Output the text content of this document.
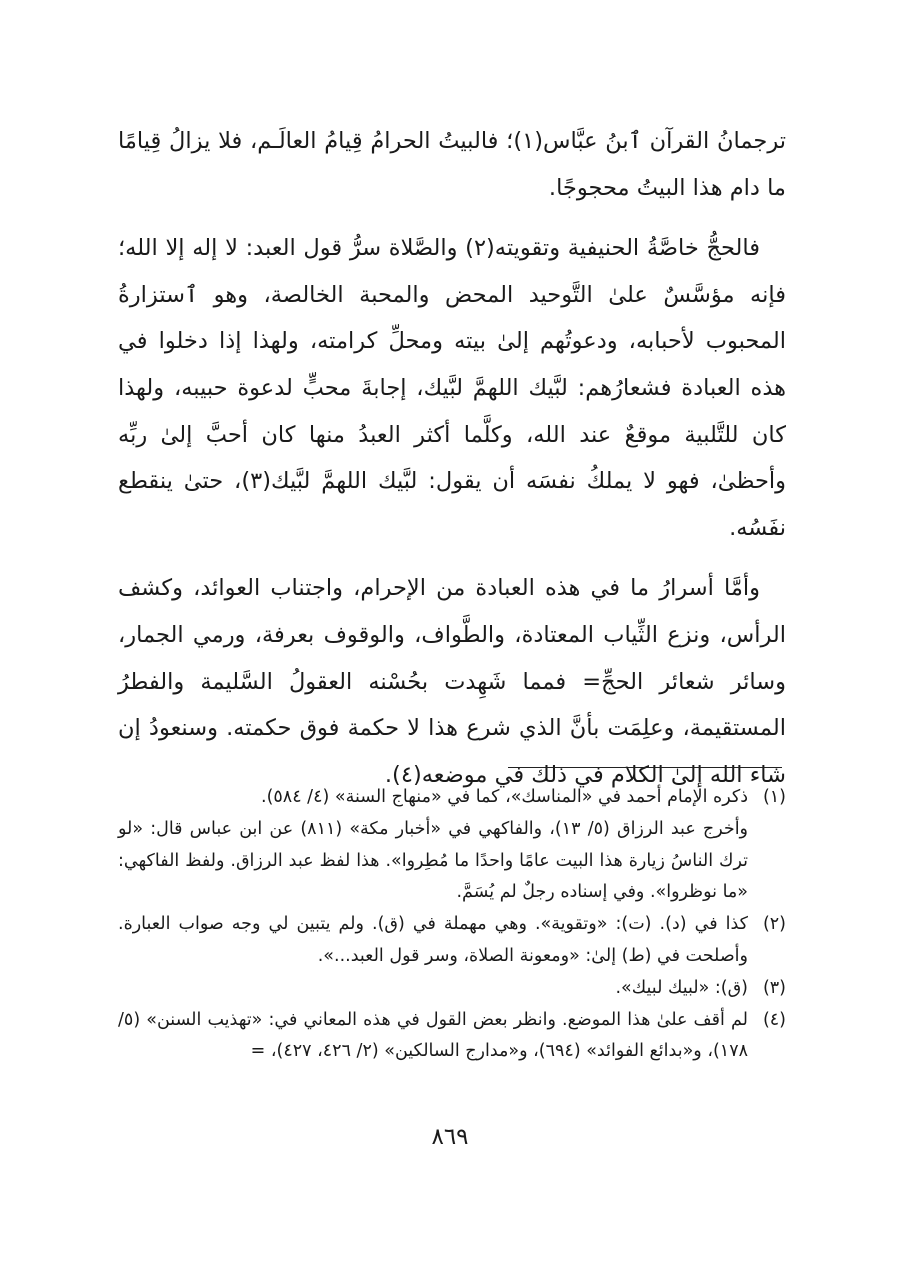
ترجمانُ القرآن ٱبنُ عبَّاس(١)؛ فالبيتُ الحرامُ قِيامُ العالَـم، فلا يزالُ قِيامًا ما دام هذا البيتُ محجوجًا.

فالحجُّ خاصَّةُ الحنيفية وتقويته(٢) والصَّلاة سرُّ قول العبد: لا إله إلا الله؛ فإنه مؤسَّسٌ علىٰ التَّوحيد المحض والمحبة الخالصة، وهو ٱستزارةُ المحبوب لأحبابه، ودعوتُهم إلىٰ بيته ومحلِّ كرامته، ولهذا إذا دخلوا في هذه العبادة فشعارُهم: لبَّيك اللهمَّ لبَّيك، إجابةَ محبٍّ لدعوة حبيبه، ولهذا كان للتَّلبية موقعٌ عند الله، وكلَّما أكثر العبدُ منها كان أحبَّ إلىٰ ربِّه وأحظىٰ، فهو لا يملكُ نفسَه أن يقول: لبَّيك اللهمَّ لبَّيك(٣)، حتىٰ ينقطع نفَسُه.

وأمَّا أسرارُ ما في هذه العبادة من الإحرام، واجتناب العوائد، وكشف الرأس، ونزع الثِّياب المعتادة، والطَّواف، والوقوف بعرفة، ورمي الجمار، وسائر شعائر الحجِّ= فمما شَهِدت بحُسْنه العقولُ السَّليمة والفطرُ المستقيمة، وعلِمَت بأنَّ الذي شرع هذا لا حكمة فوق حكمته. وسنعودُ إن شاء الله إلىٰ الكلام في ذلك في موضعه(٤).

(١)
ذكره الإمام أحمد في «المناسك»، كما في «منهاج السنة» (٤/ ٥٨٤).

وأخرج عبد الرزاق (٥/ ١٣)، والفاكهي في «أخبار مكة» (٨١١) عن ابن عباس قال: «لو ترك الناسُ زيارة هذا البيت عامًا واحدًا ما مُطِروا». هذا لفظ عبد الرزاق. ولفظ الفاكهي: «ما نوظروا». وفي إسناده رجلٌ لم يُسَمَّ.

(٢)
كذا في (د). (ت): «وتقوية». وهي مهملة في (ق). ولم يتبين لي وجه صواب العبارة. وأصلحت في (ط) إلىٰ: «ومعونة الصلاة، وسر قول العبد...».
(٣)
(ق): «لبيك لبيك».
(٤)
لم أقف علىٰ هذا الموضع. وانظر بعض القول في هذه المعاني في: «تهذيب السنن» (٥/ ١٧٨)، و«بدائع الفوائد» (٦٩٤)، و«مدارج السالكين» (٢/ ٤٢٦، ٤٢٧)، =
٨٦٩
